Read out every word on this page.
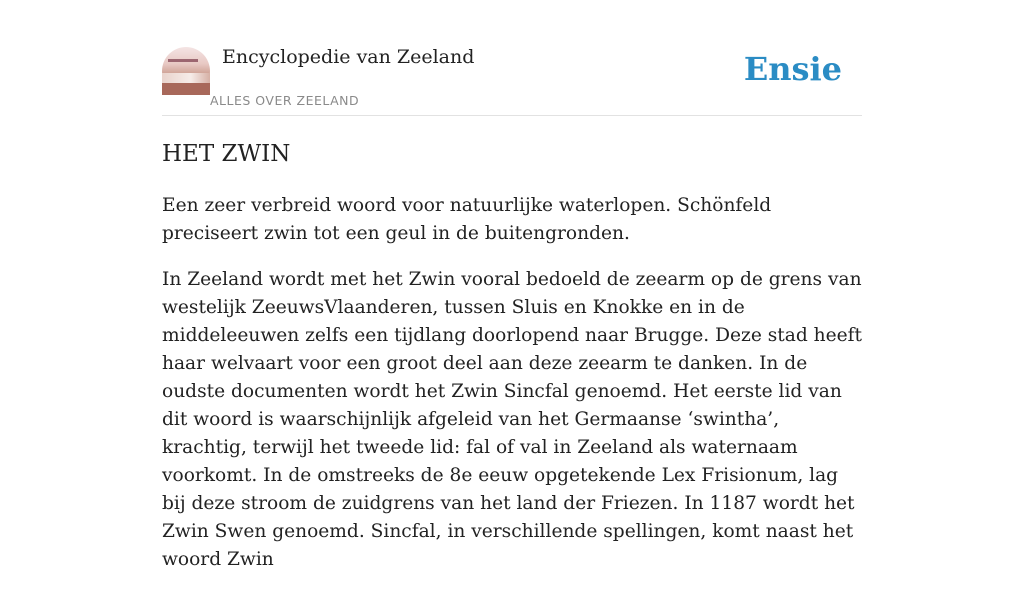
Encyclopedie van Zeeland
ALLES OVER ZEELAND
Ensie
HET ZWIN

Een zeer verbreid woord voor natuurlijke waterlopen. Schönfeld preciseert zwin tot een geul in de buitengronden.

In Zeeland wordt met het Zwin vooral bedoeld de zeearm op de grens van westelijk ZeeuwsVlaanderen, tussen Sluis en Knokke en in de middeleeuwen zelfs een tijdlang doorlopend naar Brugge. Deze stad heeft haar welvaart voor een groot deel aan deze zeearm te danken. In de oudste documenten wordt het Zwin Sincfal genoemd. Het eerste lid van dit woord is waarschijnlijk afgeleid van het Germaanse ‘swintha’, krachtig, terwijl het tweede lid: fal of val in Zeeland als waternaam voorkomt. In de omstreeks de 8e eeuw opgetekende Lex Frisionum, lag bij deze stroom de zuidgrens van het land der Friezen. In 1187 wordt het Zwin Swen genoemd. Sincfal, in verschillende spellingen, komt naast het woord Zwin
